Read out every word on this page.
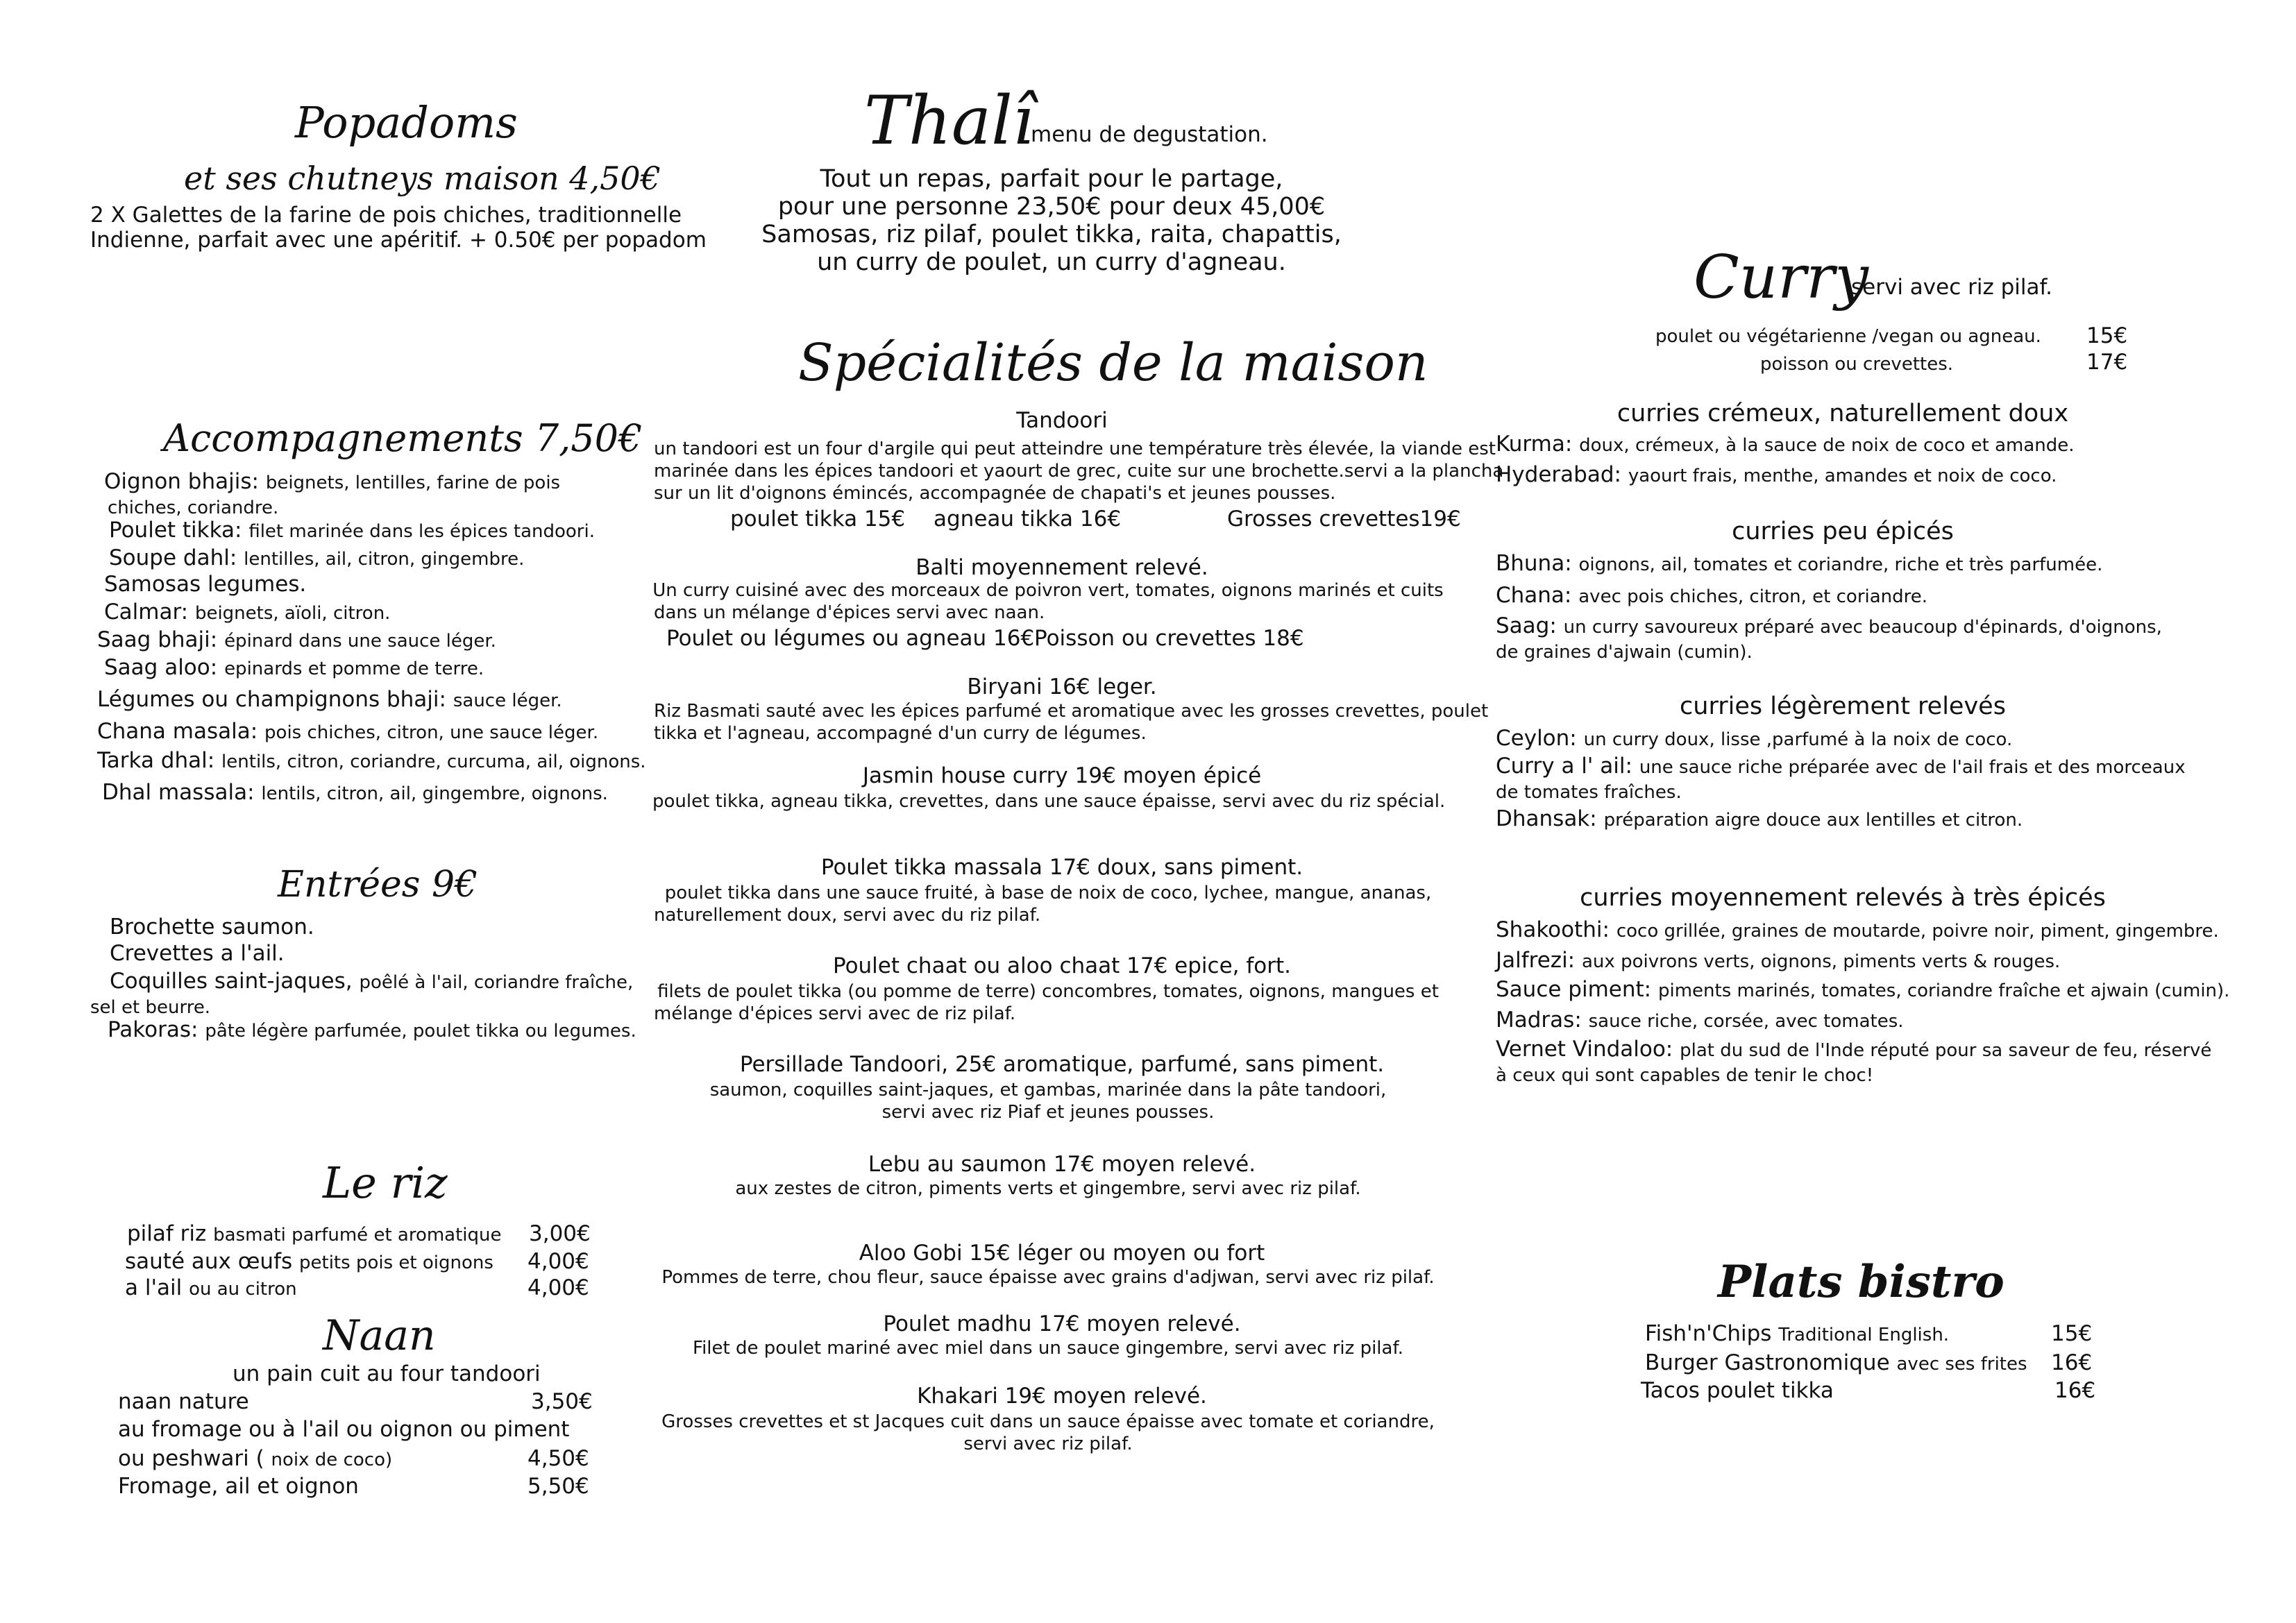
Popadoms
et ses chutneys maison 4,50€
2 X Galettes de la farine de pois chiches, traditionnelle
Indienne, parfait avec une apéritif. + 0.50€ per popadom
Accompagnements 7,50€
Oignon bhajis: beignets, lentilles, farine de pois
chiches, coriandre.
Poulet tikka: filet marinée dans les épices tandoori.
Soupe dahl: lentilles, ail, citron, gingembre.
Samosas legumes.
Calmar: beignets, aïoli, citron.
Saag bhaji: épinard dans une sauce léger.
Saag aloo: epinards et pomme de terre.
Légumes ou champignons bhaji: sauce léger.
Chana masala: pois chiches, citron, une sauce léger.
Tarka dhal: lentils, citron, coriandre, curcuma, ail, oignons.
Dhal massala: lentils, citron, ail, gingembre, oignons.
Entrées 9€
Brochette saumon.
Crevettes a l'ail.
Coquilles saint-jaques, poêlé à l'ail, coriandre fraîche,
sel et beurre.
Pakoras: pâte légère parfumée, poulet tikka ou legumes.
Le riz
pilaf riz basmati parfumé et aromatique 3,00€
sauté aux œufs petits pois et oignons 4,00€
a l'ail ou au citron	4,00€
Naan
un pain cuit au four tandoori
naan nature	3,50€
au fromage ou à l'ail ou oignon ou piment
ou peshwari ( noix de coco)	4,50€
Fromage, ail et oignon	5,50€
Thalî
menu de degustation.
Tout un repas, parfait pour le partage,
pour une personne 23,50€ pour deux 45,00€
Samosas, riz pilaf, poulet tikka, raita, chapattis,
un curry de poulet, un curry d'agneau.
Spécialités de la maison
Tandoori
un tandoori est un four d'argile qui peut atteindre une température très élevée, la viande est
marinée dans les épices tandoori et yaourt de grec, cuite sur une brochette.servi a la plancha
sur un lit d'oignons émincés, accompagnée de chapati's et jeunes pousses.
poulet tikka 15€ agneau tikka 16€	Grosses crevettes19€
Balti moyennement relevé.
Un curry cuisiné avec des morceaux de poivron vert, tomates, oignons marinés et cuits
dans un mélange d'épices servi avec naan.
Poulet ou légumes ou agneau 16€ Poisson ou crevettes 18€
Biryani 16€ leger.
Riz Basmati sauté avec les épices parfumé et aromatique avec les grosses crevettes, poulet
tikka et l'agneau, accompagné d'un curry de légumes.
Jasmin house curry 19€ moyen épicé
poulet tikka, agneau tikka, crevettes, dans une sauce épaisse, servi avec du riz spécial.
Poulet tikka massala 17€ doux, sans piment.
poulet tikka dans une sauce fruité, à base de noix de coco, lychee, mangue, ananas,
naturellement doux, servi avec du riz pilaf.
Poulet chaat ou aloo chaat 17€ epice, fort.
filets de poulet tikka (ou pomme de terre) concombres, tomates, oignons, mangues et
mélange d'épices servi avec de riz pilaf.
Persillade Tandoori, 25€ aromatique, parfumé, sans piment.
saumon, coquilles saint-jaques, et gambas, marinée dans la pâte tandoori,
servi avec riz Piaf et jeunes pousses.
Lebu au saumon 17€ moyen relevé.
aux zestes de citron, piments verts et gingembre, servi avec riz pilaf.
Aloo Gobi 15€ léger ou moyen ou fort
Pommes de terre, chou fleur, sauce épaisse avec grains d'adjwan, servi avec riz pilaf.
Poulet madhu 17€ moyen relevé.
Filet de poulet mariné avec miel dans un sauce gingembre, servi avec riz pilaf.
Khakari 19€ moyen relevé.
Grosses crevettes et st Jacques cuit dans un sauce épaisse avec tomate et coriandre,
servi avec riz pilaf.
Curry
servi avec riz pilaf.
poulet ou végétarienne /vegan ou agneau. 15€
poisson ou crevettes.	17€
curries crémeux, naturellement doux
Kurma: doux, crémeux, à la sauce de noix de coco et amande.
Hyderabad: yaourt frais, menthe, amandes et noix de coco.
curries peu épicés
Bhuna: oignons, ail, tomates et coriandre, riche et très parfumée.
Chana: avec pois chiches, citron, et coriandre.
Saag: un curry savoureux préparé avec beaucoup d'épinards, d'oignons,
de graines d'ajwain (cumin).
curries légèrement relevés
Ceylon: un curry doux, lisse ,parfumé à la noix de coco.
Curry a l' ail: une sauce riche préparée avec de l'ail frais et des morceaux
de tomates fraîches.
Dhansak: préparation aigre douce aux lentilles et citron.
curries moyennement relevés à très épicés
Shakoothi: coco grillée, graines de moutarde, poivre noir, piment, gingembre.
Jalfrezi: aux poivrons verts, oignons, piments verts & rouges.
Sauce piment: piments marinés, tomates, coriandre fraîche et ajwain (cumin).
Madras: sauce riche, corsée, avec tomates.
Vernet Vindaloo: plat du sud de l'Inde réputé pour sa saveur de feu, réservé
à ceux qui sont capables de tenir le choc!
Plats bistro
Fish'n'Chips Traditional English.	15€
Burger Gastronomique avec ses frites 16€
Tacos poulet tikka	16€
